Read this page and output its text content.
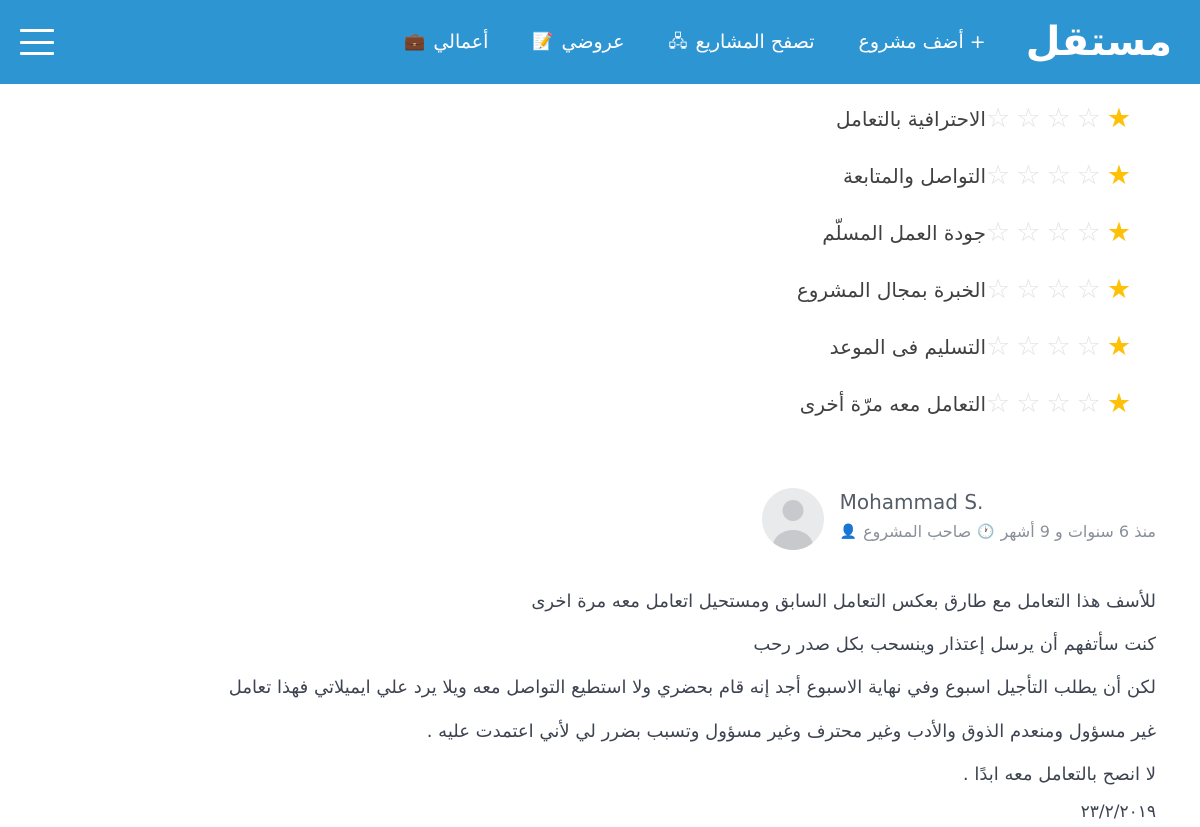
مستقل
+ أضف مشروع
تصفح المشاريع
🖧
عروضي
📝
أعمالي
💼
☆ ☆ ☆ ☆ ★
الاحترافية بالتعامل
☆ ☆ ☆ ☆ ★
التواصل والمتابعة
☆ ☆ ☆ ☆ ★
جودة العمل المسلّم
☆ ☆ ☆ ☆ ★
الخبرة بمجال المشروع
☆ ☆ ☆ ☆ ★
التسليم فى الموعد
☆ ☆ ☆ ☆ ★
التعامل معه مرّة أخرى
Mohammad S.
منذ 6 سنوات و 9 أشهر
🕐
صاحب المشروع
👤

للأسف هذا التعامل مع طارق بعكس التعامل السابق ومستحيل اتعامل معه مرة اخرى

كنت سأتفهم أن يرسل إعتذار وينسحب بكل صدر رحب

لكن أن يطلب التأجيل اسبوع وفي نهاية الاسبوع أجد إنه قام بحضري ولا استطيع التواصل معه ويلا يرد علي ايميلاتي فهذا تعامل

غير مسؤول ومنعدم الذوق والأدب وغير محترف وغير مسؤول وتسبب بضرر لي لأني اعتمدت عليه .

لا انصح بالتعامل معه ابدًا .

٢٣/٢/٢٠١٩
